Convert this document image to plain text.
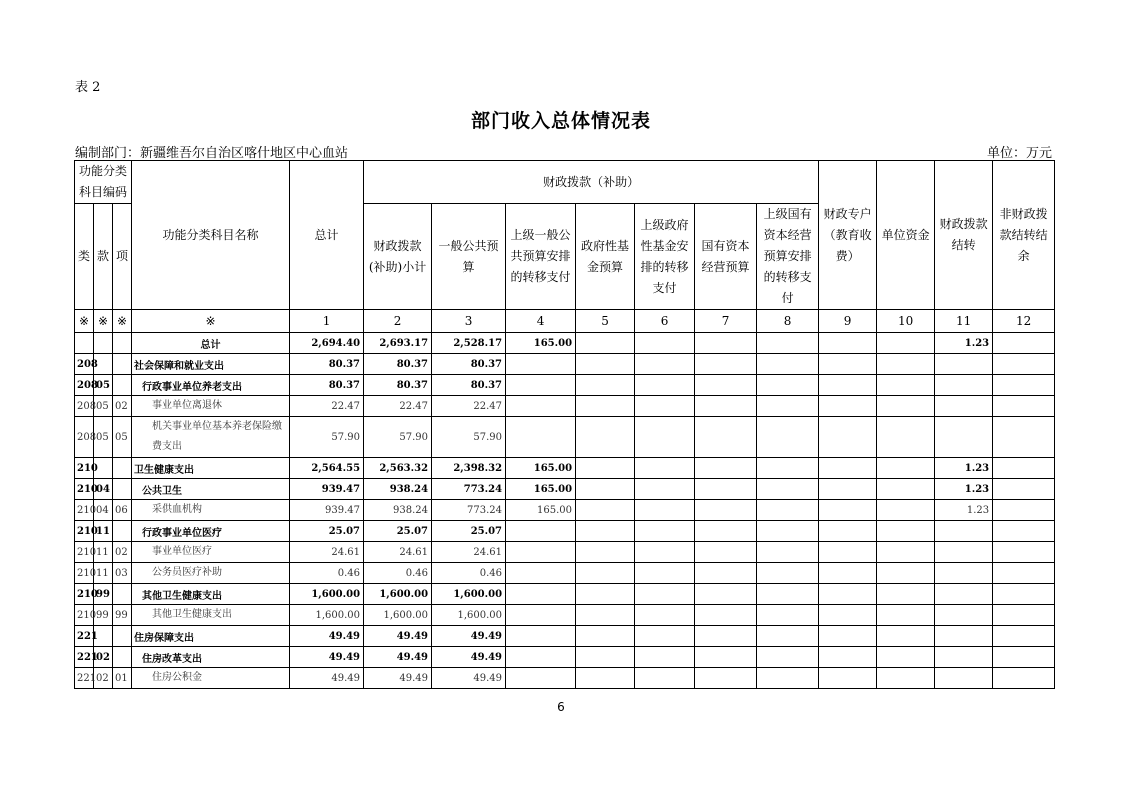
表 2
部门收入总体情况表
编制部门：新疆维吾尔自治区喀什地区中心血站	单位：万元
功能分类科目编码			功能分类科目名称	总计	财政拨款（补助）							财政专户（教育收费）	单位资金	财政拨款结转	非财政拨款结转结余
类	款	项			财政拨款(补助)小计	一般公共预算	上级一般公共预算安排的转移支付	政府性基金预算	上级政府性基金安排的转移支付	国有资本经营预算	上级国有资本经营预算安排的转移支付				
※	※	※	※	1	2	3	4	5	6	7	8	9	10	11	12
			总计	2,694.40	2,693.17	2,528.17	165.00							1.23	
208			社会保障和就业支出	80.37	80.37	80.37									
208	05		行政事业单位养老支出	80.37	80.37	80.37									
208	05	02	事业单位离退休	22.47	22.47	22.47									
208	05	05	机关事业单位基本养老保险缴费支出	57.90	57.90	57.90									
210			卫生健康支出	2,564.55	2,563.32	2,398.32	165.00							1.23	
210	04		公共卫生	939.47	938.24	773.24	165.00							1.23	
210	04	06	采供血机构	939.47	938.24	773.24	165.00							1.23	
210	11		行政事业单位医疗	25.07	25.07	25.07									
210	11	02	事业单位医疗	24.61	24.61	24.61									
210	11	03	公务员医疗补助	0.46	0.46	0.46									
210	99		其他卫生健康支出	1,600.00	1,600.00	1,600.00									
210	99	99	其他卫生健康支出	1,600.00	1,600.00	1,600.00									
221			住房保障支出	49.49	49.49	49.49									
221	02		住房改革支出	49.49	49.49	49.49									
221	02	01	住房公积金	49.49	49.49	49.49									
6
